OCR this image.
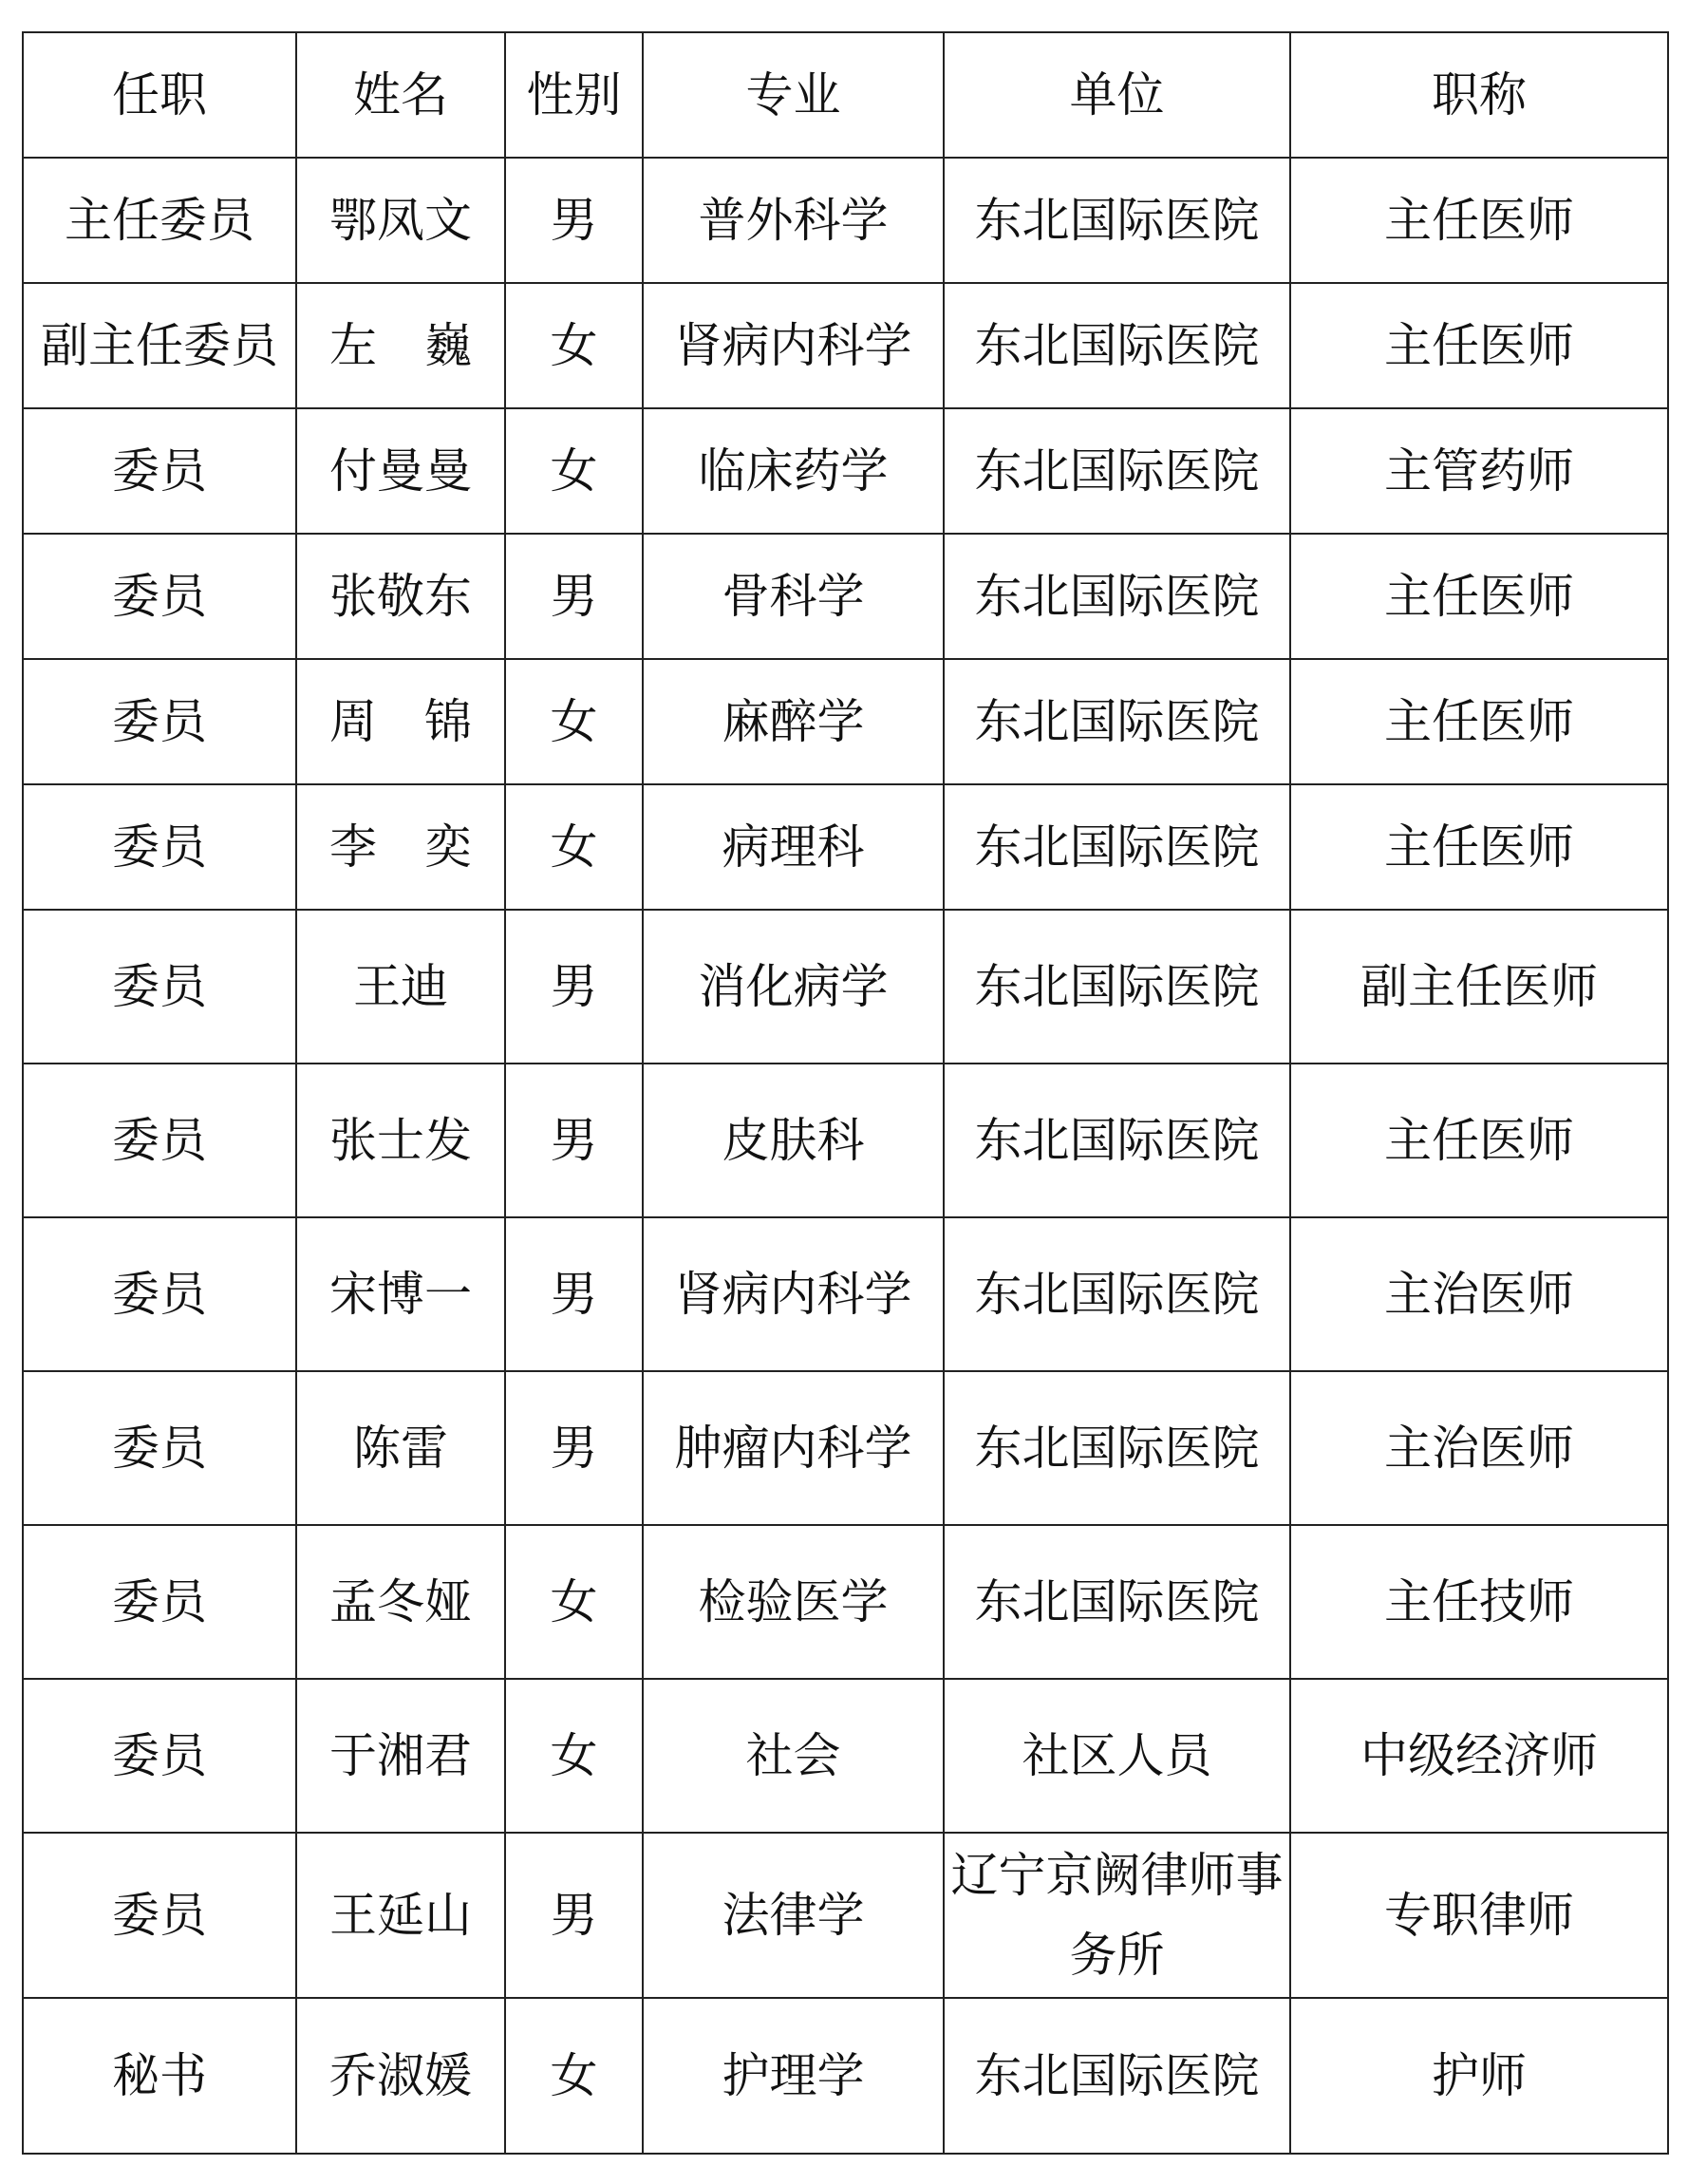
任职	姓名	性别	专业	单位	职称
主任委员	鄂凤文	男	普外科学	东北国际医院	主任医师
副主任委员	左　巍	女	肾病内科学	东北国际医院	主任医师
委员	付曼曼	女	临床药学	东北国际医院	主管药师
委员	张敬东	男	骨科学	东北国际医院	主任医师
委员	周　锦	女	麻醉学	东北国际医院	主任医师
委员	李　奕	女	病理科	东北国际医院	主任医师
委员	王迪	男	消化病学	东北国际医院	副主任医师
委员	张士发	男	皮肤科	东北国际医院	主任医师
委员	宋博一	男	肾病内科学	东北国际医院	主治医师
委员	陈雷	男	肿瘤内科学	东北国际医院	主治医师
委员	孟冬娅	女	检验医学	东北国际医院	主任技师
委员	于湘君	女	社会	社区人员	中级经济师
委员	王延山	男	法律学	辽宁京阙律师事务所	专职律师
秘书	乔淑媛	女	护理学	东北国际医院	护师
